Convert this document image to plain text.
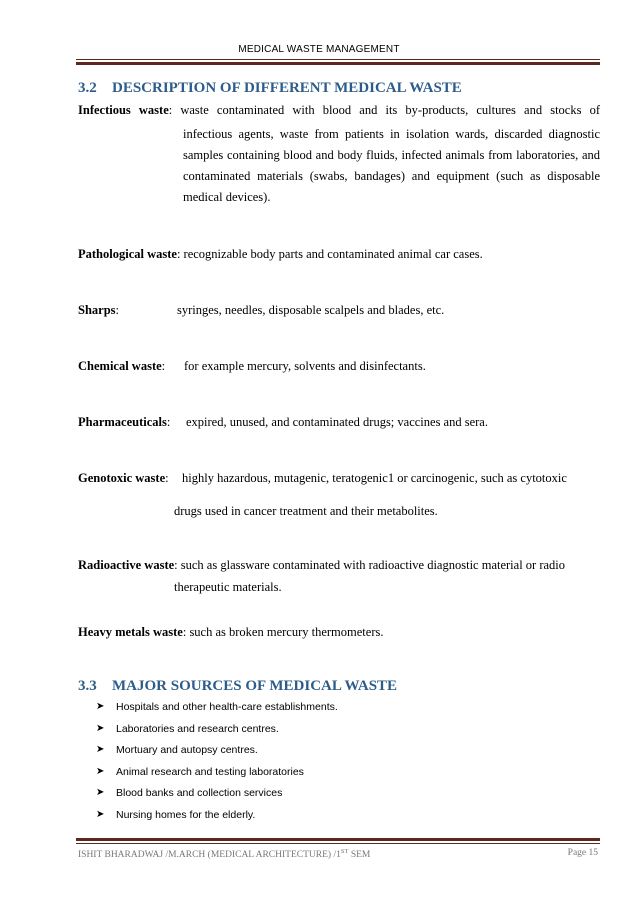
MEDICAL WASTE MANAGEMENT
3.2 DESCRIPTION OF DIFFERENT MEDICAL WASTE
Infectious waste: waste contaminated with blood and its by-products, cultures and stocks of
infectious agents, waste from patients in isolation wards, discarded diagnostic samples containing blood and body fluids, infected animals from laboratories, and contaminated materials (swabs, bandages) and equipment (such as disposable medical devices).
Pathological waste: recognizable body parts and contaminated animal car cases.
Sharps:	syringes, needles, disposable scalpels and blades, etc.
Chemical waste: for example mercury, solvents and disinfectants.
Pharmaceuticals: expired, unused, and contaminated drugs; vaccines and sera.
Genotoxic waste: highly hazardous, mutagenic, teratogenic1 or carcinogenic, such as cytotoxic
drugs used in cancer treatment and their metabolites.
Radioactive waste: such as glassware contaminated with radioactive diagnostic material or radio
therapeutic materials.
Heavy metals waste: such as broken mercury thermometers.
3.3 MAJOR SOURCES OF MEDICAL WASTE
➤	Hospitals and other health-care establishments.
➤	Laboratories and research centres.
➤	Mortuary and autopsy centres.
➤	Animal research and testing laboratories
➤	Blood banks and collection services
➤	Nursing homes for the elderly.
ISHIT BHARADWAJ /M.ARCH (MEDICAL ARCHITECTURE) /1ST SEM	Page 15
